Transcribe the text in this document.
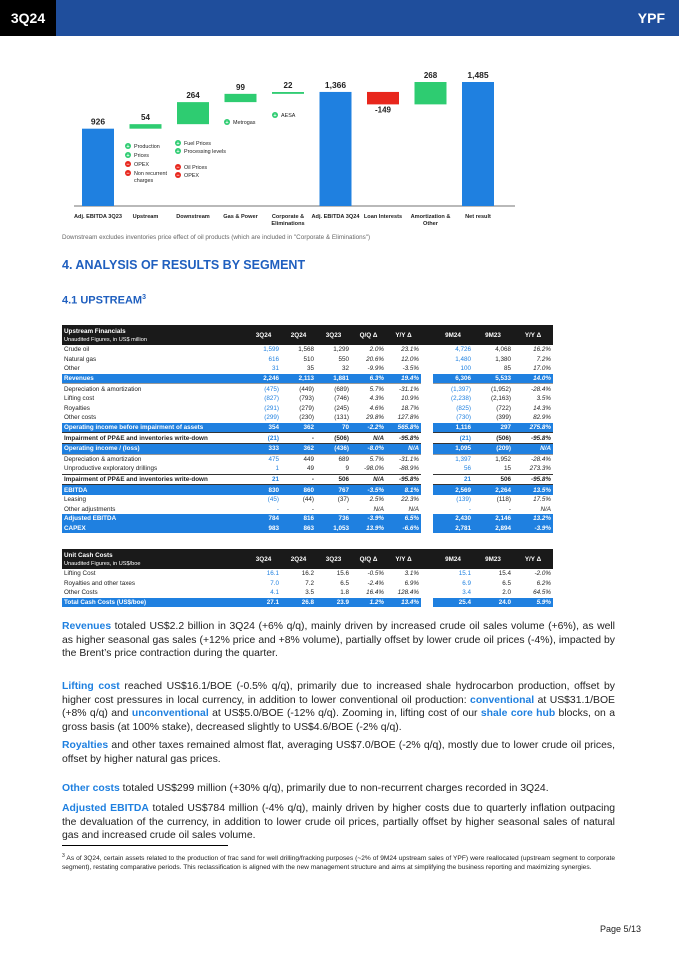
3Q24	YPF
926
Adj. EBITDA 3Q23
54
Upstream
264
Downstream
99
Gas & Power
22
Corporate &
Eliminations
1,366
Adj. EBITDA 3Q24
-149
Loan Interests
268
Amortization &
Other
1,485
Net result
+ Production
+ Prices
− OPEX
− Non recurrent
charges
+ Fuel Prices
+ Processing levels
− Oil Prices
− OPEX
+ Metrogas
+ AESA
Downstream excludes inventories price effect of oil products (which are included in "Corporate & Eliminations")
4. ANALYSIS OF RESULTS BY SEGMENT
4.1 UPSTREAM$^3$
Upstream Financials
Unaudited Figures, in US$ million	3Q24	2Q24	3Q23	Q/Q Δ	Y/Y Δ		9M24	9M23	Y/Y Δ
Crude oil	1,599	1,568	1,299	2.0%	23.1%		4,726	4,068	16.2%
Natural gas	616	510	550	20.6%	12.0%		1,480	1,380	7.2%
Other	31	35	32	-9.9%	-3.5%		100	85	17.0%
Revenues	2,246	2,113	1,881	6.3%	19.4%		6,306	5,533	14.0%
Depreciation & amortization	(475)	(449)	(689)	5.7%	-31.1%		(1,397)	(1,952)	-28.4%
Lifting cost	(827)	(793)	(746)	4.3%	10.9%		(2,238)	(2,163)	3.5%
Royalties	(291)	(279)	(245)	4.6%	18.7%		(825)	(722)	14.3%
Other costs	(299)	(230)	(131)	29.8%	127.8%		(730)	(399)	82.9%
Operating income before impairment of assets	354	362	70	-2.2%	565.8%		1,116	297	275.8%
Impairment of PP&E and inventories write-down	(21)	-	(506)	N/A	-95.8%		(21)	(506)	-95.8%
Operating income / (loss)	333	362	(436)	-8.0%	N/A		1,095	(209)	N/A
Depreciation & amortization	475	449	689	5.7%	-31.1%		1,397	1,952	-28.4%
Unproductive exploratory drillings	1	49	9	-98.0%	-88.9%		56	15	273.3%
Impairment of PP&E and inventories write-down	21	-	506	N/A	-95.8%		21	506	-95.8%
EBITDA	830	860	767	-3.5%	8.1%		2,569	2,264	13.5%
Leasing	(45)	(44)	(37)	2.5%	22.3%		(139)	(118)	17.5%
Other adjustments	-	-	-	N/A	N/A		-	-	N/A
Adjusted EBITDA	784	816	736	-3.9%	6.5%		2,430	2,146	13.2%
CAPEX	983	863	1,053	13.9%	-6.6%		2,781	2,894	-3.9%
Unit Cash Costs
Unaudited Figures, in US$/boe	3Q24	2Q24	3Q23	Q/Q Δ	Y/Y Δ		9M24	9M23	Y/Y Δ
Lifting Cost	16.1	16.2	15.6	-0.5%	3.1%		15.1	15.4	-2.0%
Royalties and other taxes	7.0	7.2	6.5	-2.4%	6.9%		6.9	6.5	6.2%
Other Costs	4.1	3.5	1.8	16.4%	128.4%		3.4	2.0	64.5%
Total Cash Costs (US$/boe)	27.1	26.8	23.9	1.2%	13.4%		25.4	24.0	5.9%

Revenues totaled US$2.2 billion in 3Q24 (+6% q/q), mainly driven by increased crude oil sales volume (+6%), as well as higher seasonal gas sales (+12% price and +8% volume), partially offset by lower crude oil prices (-4%), impacted by the Brent’s price contraction during the quarter.

Lifting cost reached US$16.1/BOE (-0.5% q/q), primarily due to increased shale hydrocarbon production, offset by higher cost pressures in local currency, in addition to lower conventional oil production: conventional at US$31.1/BOE (+8% q/q) and unconventional at US$5.0/BOE (-12% q/q). Zooming in, lifting cost of our shale core hub blocks, on a gross basis (at 100% stake), decreased slightly to US$4.6/BOE (-2% q/q).

Royalties and other taxes remained almost flat, averaging US$7.0/BOE (-2% q/q), mostly due to lower crude oil prices, offset by higher natural gas prices.

Other costs totaled US$299 million (+30% q/q), primarily due to non-recurrent charges recorded in 3Q24.

Adjusted EBITDA totaled US$784 million (-4% q/q), mainly driven by higher costs due to quarterly inflation outpacing the devaluation of the currency, in addition to lower crude oil prices, partially offset by higher seasonal sales of natural gas and increased crude oil sales volume.

$^3$ As of 3Q24, certain assets related to the production of frac sand for well drilling/fracking purposes (~2% of 9M24 upstream sales of YPF) were reallocated (upstream segment to corporate segment), restating comparative periods. This reclassification is aligned with the new management structure and aims at simplifying the business reporting and maximizing synergies.

Page 5/13
